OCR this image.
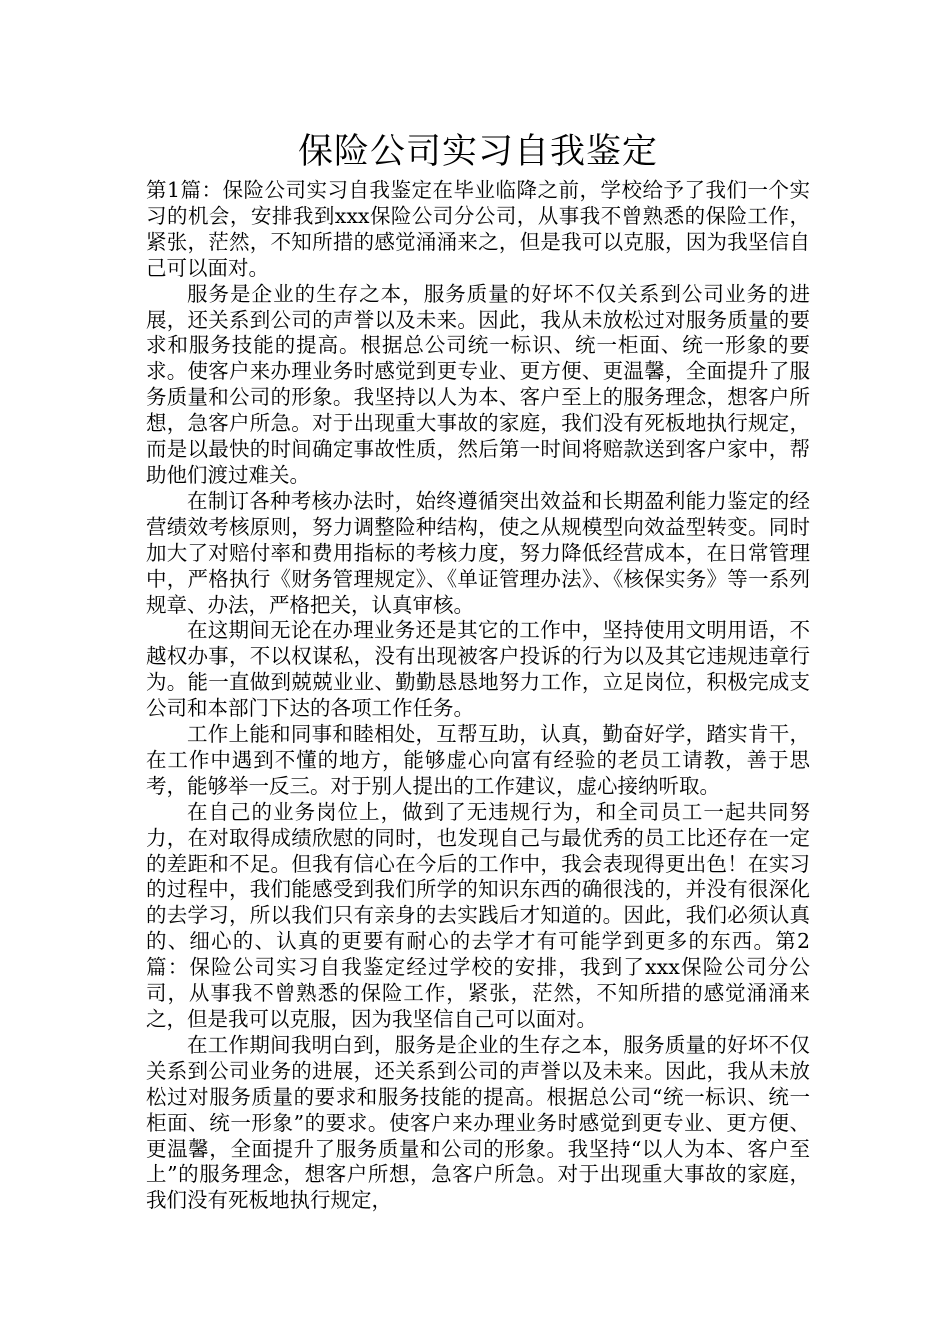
保险公司实习自我鉴定

第1篇：保险公司实习自我鉴定在毕业临降之前，学校给予了我们一个实习的机会，安排我到xxx保险公司分公司，从事我不曾熟悉的保险工作，紧张，茫然，不知所措的感觉涌涌来之，但是我可以克服，因为我坚信自己可以面对。

服务是企业的生存之本，服务质量的好坏不仅关系到公司业务的进展，还关系到公司的声誉以及未来。因此，我从未放松过对服务质量的要求和服务技能的提高。根据总公司统一标识、统一柜面、统一形象的要求。使客户来办理业务时感觉到更专业、更方便、更温馨，全面提升了服务质量和公司的形象。我坚持以人为本、客户至上的服务理念，想客户所想，急客户所急。对于出现重大事故的家庭，我们没有死板地执行规定，而是以最快的时间确定事故性质，然后第一时间将赔款送到客户家中，帮助他们渡过难关。

在制订各种考核办法时，始终遵循突出效益和长期盈利能力鉴定的经营绩效考核原则，努力调整险种结构，使之从规模型向效益型转变。同时加大了对赔付率和费用指标的考核力度，努力降低经营成本，在日常管理中，严格执行《财务管理规定》、《单证管理办法》、《核保实务》等一系列规章、办法，严格把关，认真审核。

在这期间无论在办理业务还是其它的工作中，坚持使用文明用语，不越权办事，不以权谋私，没有出现被客户投诉的行为以及其它违规违章行为。能一直做到兢兢业业、勤勤恳恳地努力工作，立足岗位，积极完成支公司和本部门下达的各项工作任务。

工作上能和同事和睦相处，互帮互助，认真，勤奋好学，踏实肯干，在工作中遇到不懂的地方，能够虚心向富有经验的老员工请教，善于思考，能够举一反三。对于别人提出的工作建议，虚心接纳听取。

在自己的业务岗位上，做到了无违规行为，和全司员工一起共同努力，在对取得成绩欣慰的同时，也发现自己与最优秀的员工比还存在一定的差距和不足。但我有信心在今后的工作中，我会表现得更出色！在实习的过程中，我们能感受到我们所学的知识东西的确很浅的，并没有很深化的去学习，所以我们只有亲身的去实践后才知道的。因此，我们必须认真的、细心的、认真的更要有耐心的去学才有可能学到更多的东西。第2篇：保险公司实习自我鉴定经过学校的安排，我到了xxx保险公司分公司，从事我不曾熟悉的保险工作，紧张，茫然，不知所措的感觉涌涌来之，但是我可以克服，因为我坚信自己可以面对。

在工作期间我明白到，服务是企业的生存之本，服务质量的好坏不仅关系到公司业务的进展，还关系到公司的声誉以及未来。因此，我从未放松过对服务质量的要求和服务技能的提高。根据总公司“统一标识、统一柜面、统一形象”的要求。使客户来办理业务时感觉到更专业、更方便、更温馨，全面提升了服务质量和公司的形象。我坚持“以人为本、客户至上”的服务理念，想客户所想，急客户所急。对于出现重大事故的家庭，我们没有死板地执行规定，
